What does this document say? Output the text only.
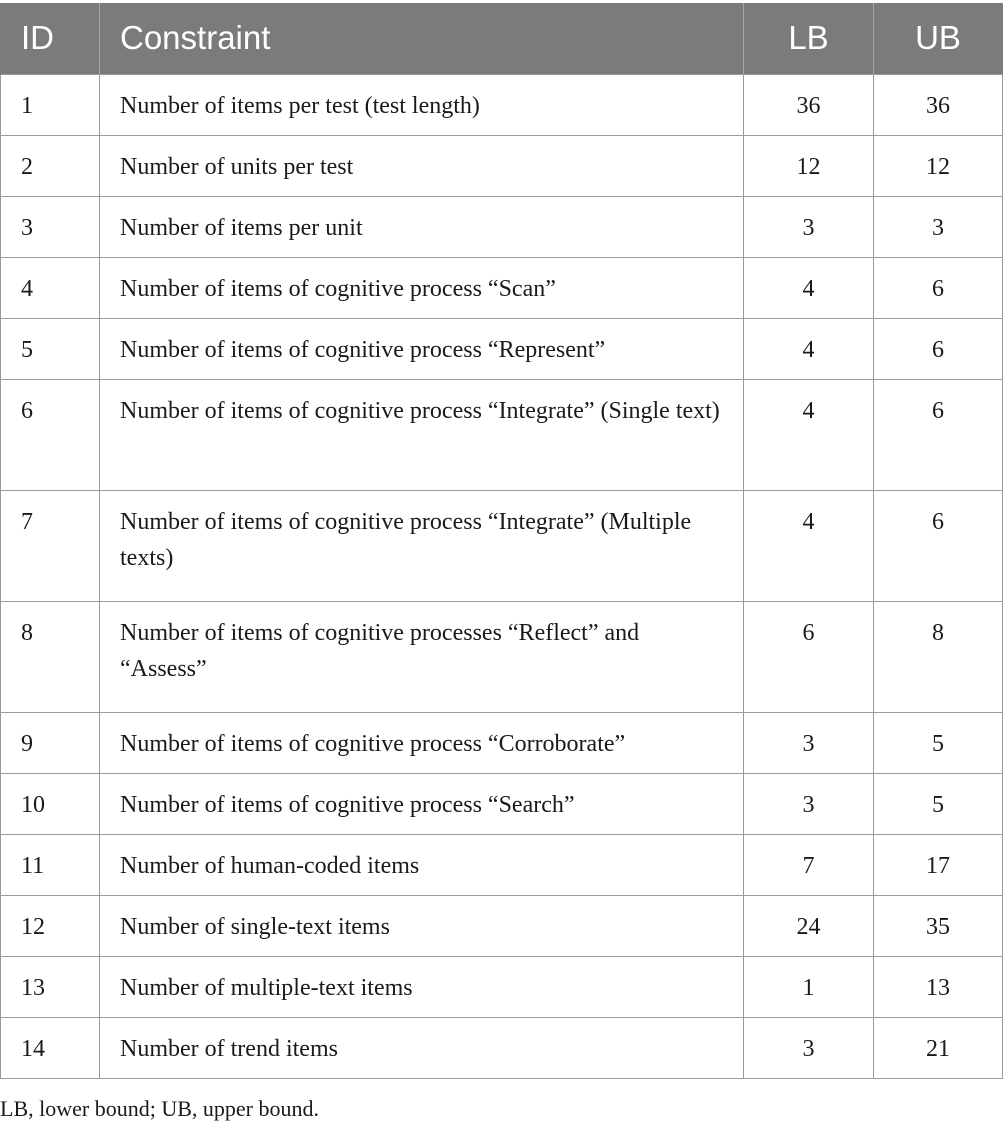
ID	Constraint	LB	UB
1	Number of items per test (test length)	36	36
2	Number of units per test	12	12
3	Number of items per unit	3	3
4	Number of items of cognitive process “Scan”	4	6
5	Number of items of cognitive process “Represent”	4	6
6	Number of items of cognitive process “Integrate” (Single text)	4	6
7	Number of items of cognitive process “Integrate” (Multiple texts)	4	6
8	Number of items of cognitive processes “Reflect” and “Assess”	6	8
9	Number of items of cognitive process “Corroborate”	3	5
10	Number of items of cognitive process “Search”	3	5
11	Number of human-coded items	7	17
12	Number of single-text items	24	35
13	Number of multiple-text items	1	13
14	Number of trend items	3	21

LB, lower bound; UB, upper bound.
